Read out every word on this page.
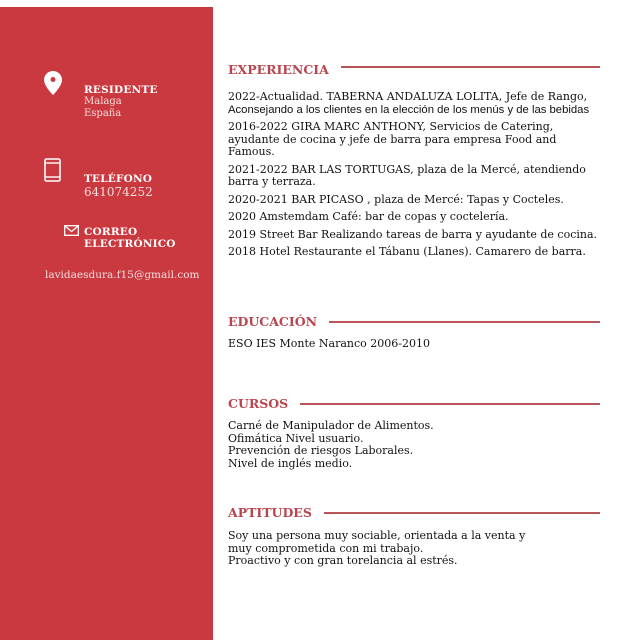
RESIDENTE
Malaga
España
TELÉFONO
641074252
CORREO
ELECTRÓNICO
lavidaesdura.f15@gmail.com
EXPERIENCIA

2022-Actualidad. TABERNA ANDALUZA LOLITA, Jefe de Rango,
Aconsejando a los clientes en la elección de los menús y de las bebidas

2016-2022 GIRA MARC ANTHONY, Servicios de Catering, ayudante de cocina y jefe de barra para empresa Food and Famous.

2021-2022 BAR LAS TORTUGAS, plaza de la Mercé, atendiendo barra y terraza.

2020-2021 BAR PICASO , plaza de Mercé: Tapas y Cocteles.

2020 Amstemdam Café: bar de copas y coctelería.

2019 Street Bar Realizando tareas de barra y ayudante de cocina.

2018 Hotel Restaurante el Tábanu (Llanes). Camarero de barra.

EDUCACIÓN

ESO IES Monte Naranco 2006-2010

CURSOS

Carné de Manipulador de Alimentos.

Ofimática Nivel usuario.

Prevención de riesgos Laborales.

Nivel de inglés medio.

APTITUDES

Soy una persona muy sociable, orientada a la venta y muy comprometida con mi trabajo.

Proactivo y con gran torelancia al estrés.
